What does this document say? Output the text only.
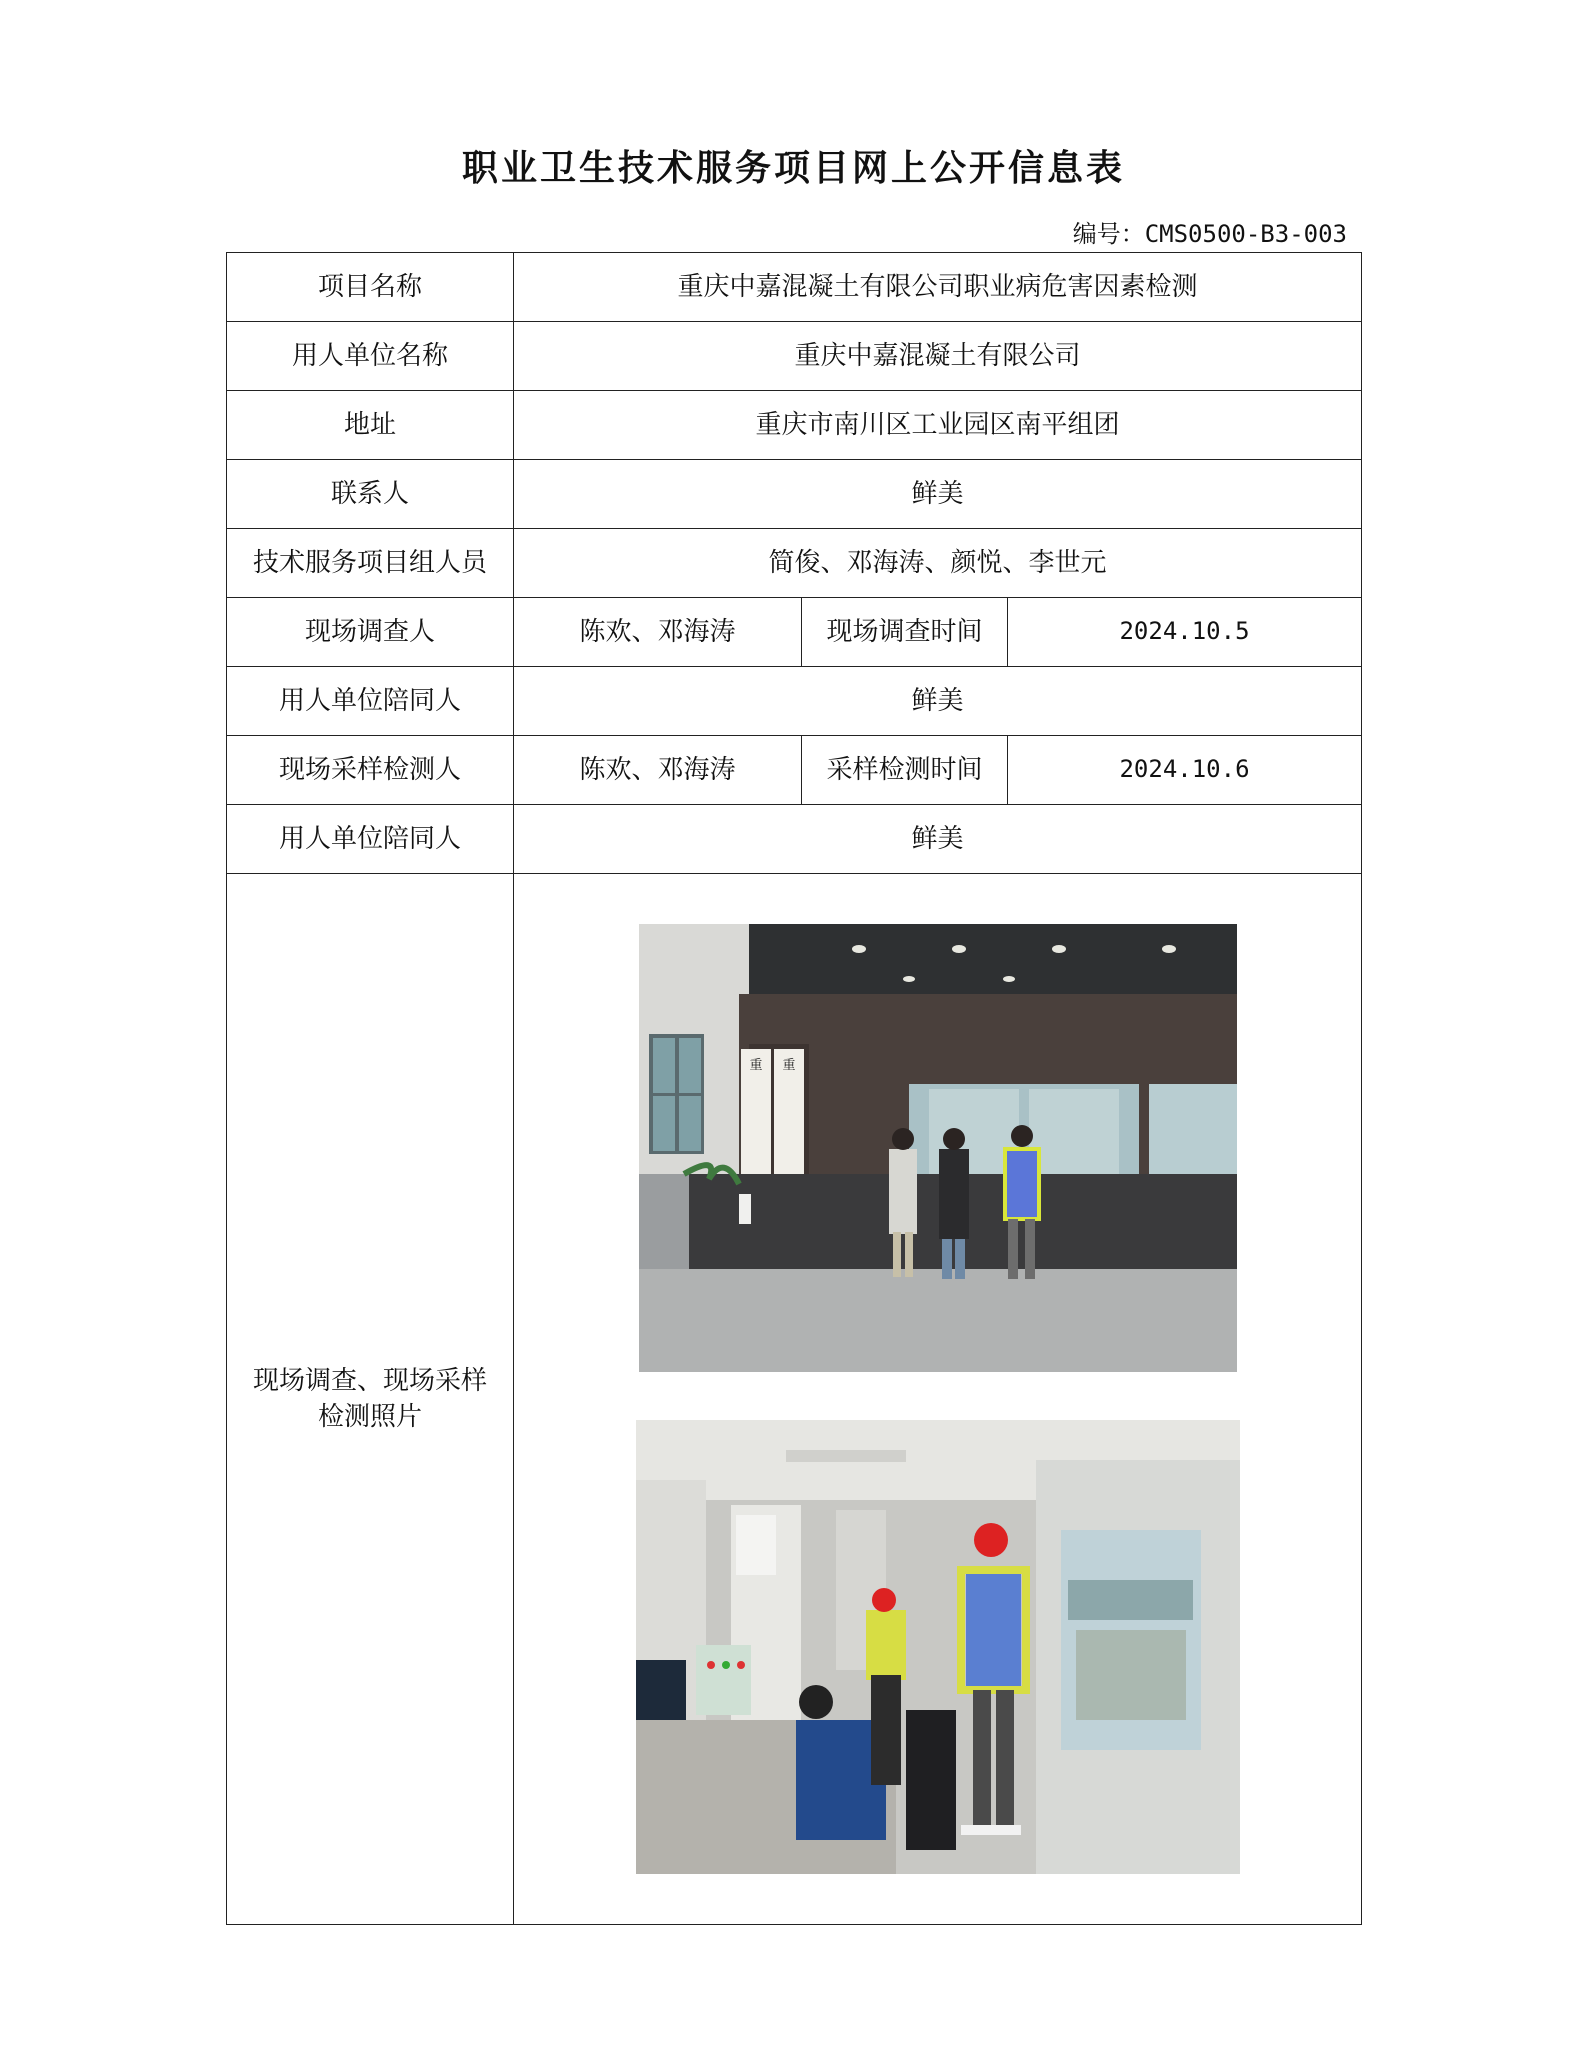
职业卫生技术服务项目网上公开信息表
编号：CMS0500-B3-003
项目名称	重庆中嘉混凝土有限公司职业病危害因素检测		
用人单位名称	重庆中嘉混凝土有限公司		
地址	重庆市南川区工业园区南平组团		
联系人	鲜美		
技术服务项目组人员	简俊、邓海涛、颜悦、李世元		
现场调查人	陈欢、邓海涛	现场调查时间	2024.10.5
用人单位陪同人	鲜美		
现场采样检测人	陈欢、邓海涛	采样检测时间	2024.10.6
用人单位陪同人	鲜美		

现场调查、现场采样检测照片	重 重		
